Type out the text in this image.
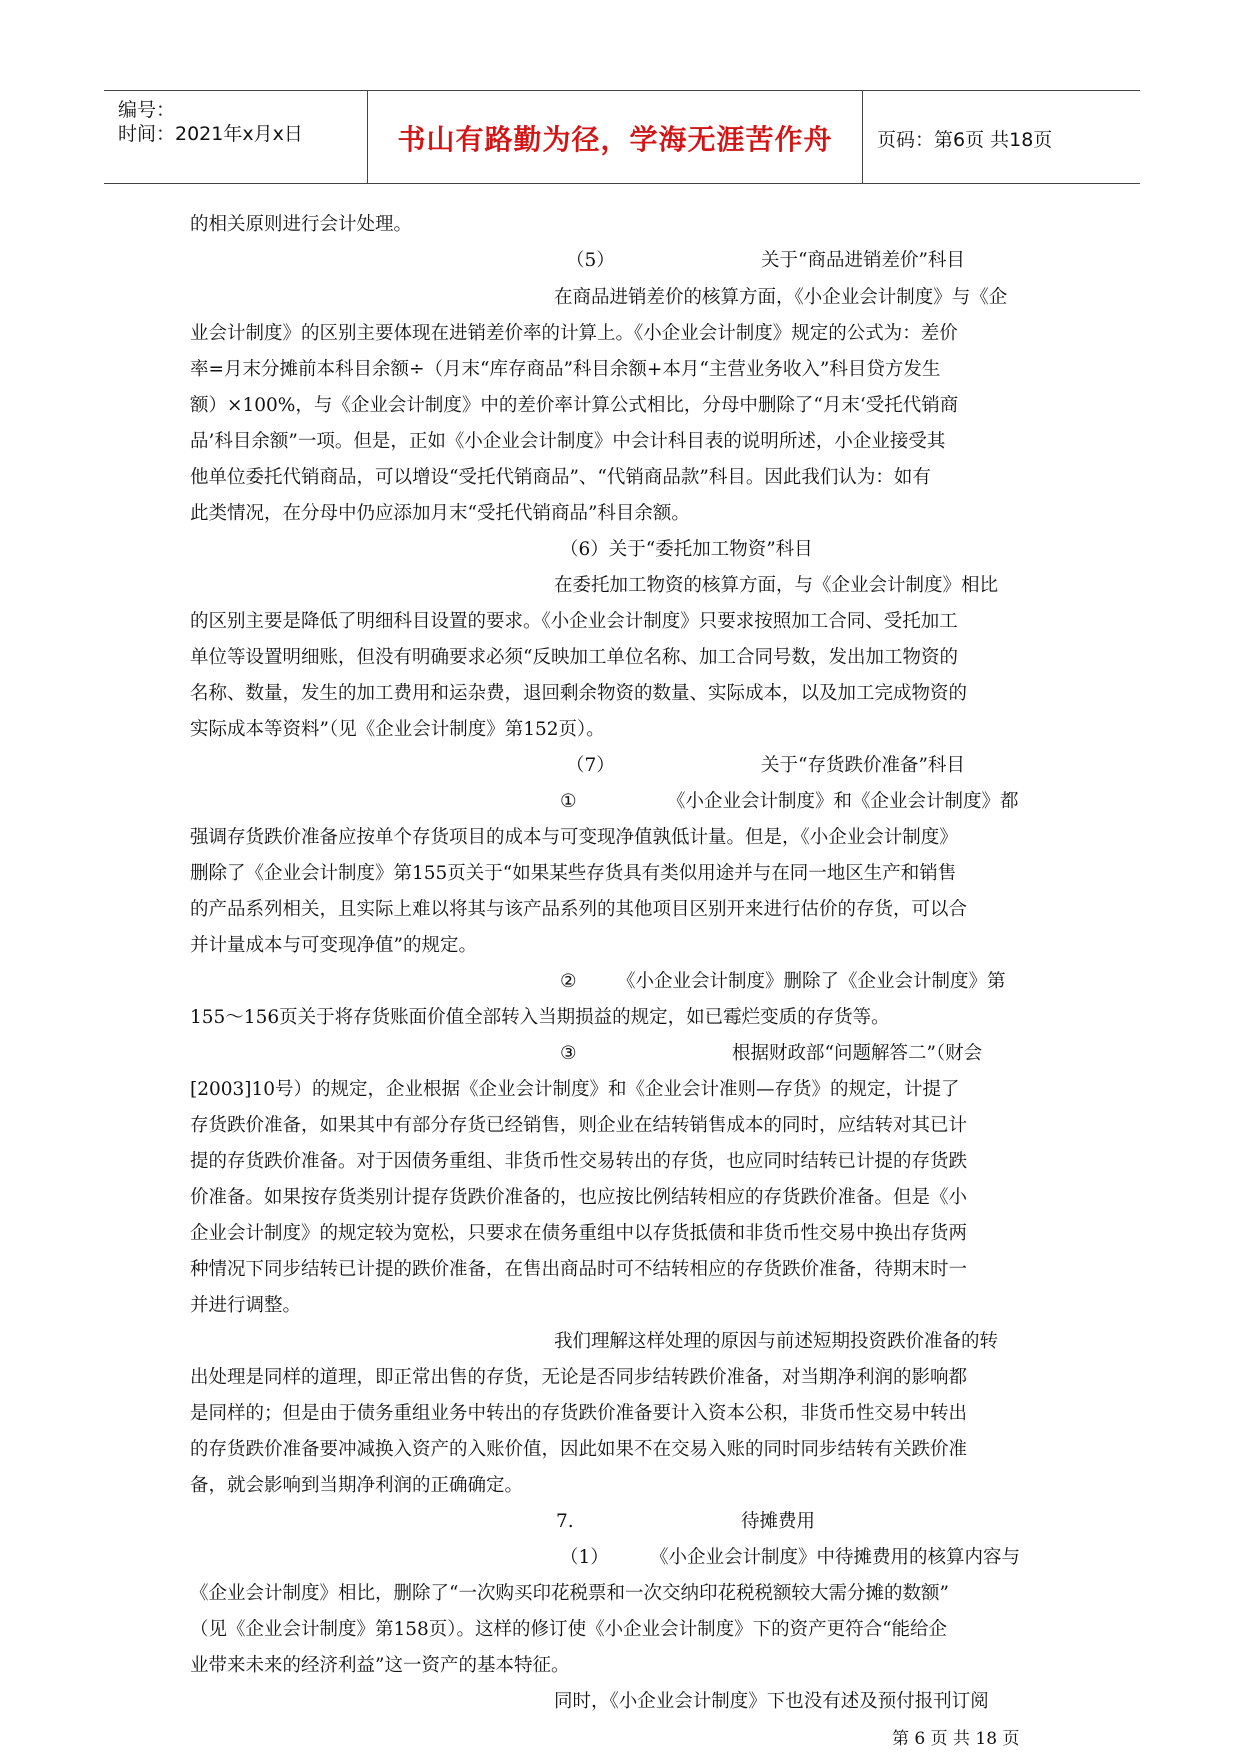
编号：
时间：2021年x月x日	书山有路勤为径，学海无涯苦作舟	页码：第6页 共18页
的相关原则进行会计处理。
（5）	关于“商品进销差价”科目
在商品进销差价的核算方面，《小企业会计制度》与《企
业会计制度》的区别主要体现在进销差价率的计算上。《小企业会计制度》规定的公式为：差价
率=月末分摊前本科目余额÷（月末“库存商品”科目余额+本月“主营业务收入”科目贷方发生
额）×100%，与《企业会计制度》中的差价率计算公式相比，分母中删除了“月末‘受托代销商
品’科目余额”一项。但是，正如《小企业会计制度》中会计科目表的说明所述，小企业接受其
他单位委托代销商品，可以增设“受托代销商品”、“代销商品款”科目。因此我们认为：如有
此类情况，在分母中仍应添加月末“受托代销商品”科目余额。
（6）关于“委托加工物资”科目
在委托加工物资的核算方面，与《企业会计制度》相比
的区别主要是降低了明细科目设置的要求。《小企业会计制度》只要求按照加工合同、受托加工
单位等设置明细账，但没有明确要求必须“反映加工单位名称、加工合同号数，发出加工物资的
名称、数量，发生的加工费用和运杂费，退回剩余物资的数量、实际成本，以及加工完成物资的
实际成本等资料”（见《企业会计制度》第152页）。
（7）	关于“存货跌价准备”科目
①	《小企业会计制度》和《企业会计制度》都
强调存货跌价准备应按单个存货项目的成本与可变现净值孰低计量。但是，《小企业会计制度》
删除了《企业会计制度》第155页关于“如果某些存货具有类似用途并与在同一地区生产和销售
的产品系列相关，且实际上难以将其与该产品系列的其他项目区别开来进行估价的存货，可以合
并计量成本与可变现净值”的规定。
② 《小企业会计制度》删除了《企业会计制度》第
155～156页关于将存货账面价值全部转入当期损益的规定，如已霉烂变质的存货等。
③	根据财政部“问题解答二”（财会
[2003]10号）的规定，企业根据《企业会计制度》和《企业会计准则—存货》的规定，计提了
存货跌价准备，如果其中有部分存货已经销售，则企业在结转销售成本的同时，应结转对其已计
提的存货跌价准备。对于因债务重组、非货币性交易转出的存货，也应同时结转已计提的存货跌
价准备。如果按存货类别计提存货跌价准备的，也应按比例结转相应的存货跌价准备。但是《小
企业会计制度》的规定较为宽松，只要求在债务重组中以存货抵债和非货币性交易中换出存货两
种情况下同步结转已计提的跌价准备，在售出商品时可不结转相应的存货跌价准备，待期末时一
并进行调整。
我们理解这样处理的原因与前述短期投资跌价准备的转
出处理是同样的道理，即正常出售的存货，无论是否同步结转跌价准备，对当期净利润的影响都
是同样的；但是由于债务重组业务中转出的存货跌价准备要计入资本公积，非货币性交易中转出
的存货跌价准备要冲减换入资产的入账价值，因此如果不在交易入账的同时同步结转有关跌价准
备，就会影响到当期净利润的正确确定。
7.	待摊费用
（1） 《小企业会计制度》中待摊费用的核算内容与
《企业会计制度》相比，删除了“一次购买印花税票和一次交纳印花税税额较大需分摊的数额”
（见《企业会计制度》第158页）。这样的修订使《小企业会计制度》下的资产更符合“能给企
业带来未来的经济利益”这一资产的基本特征。
同时，《小企业会计制度》下也没有述及预付报刊订阅
第 6 页 共 18 页
